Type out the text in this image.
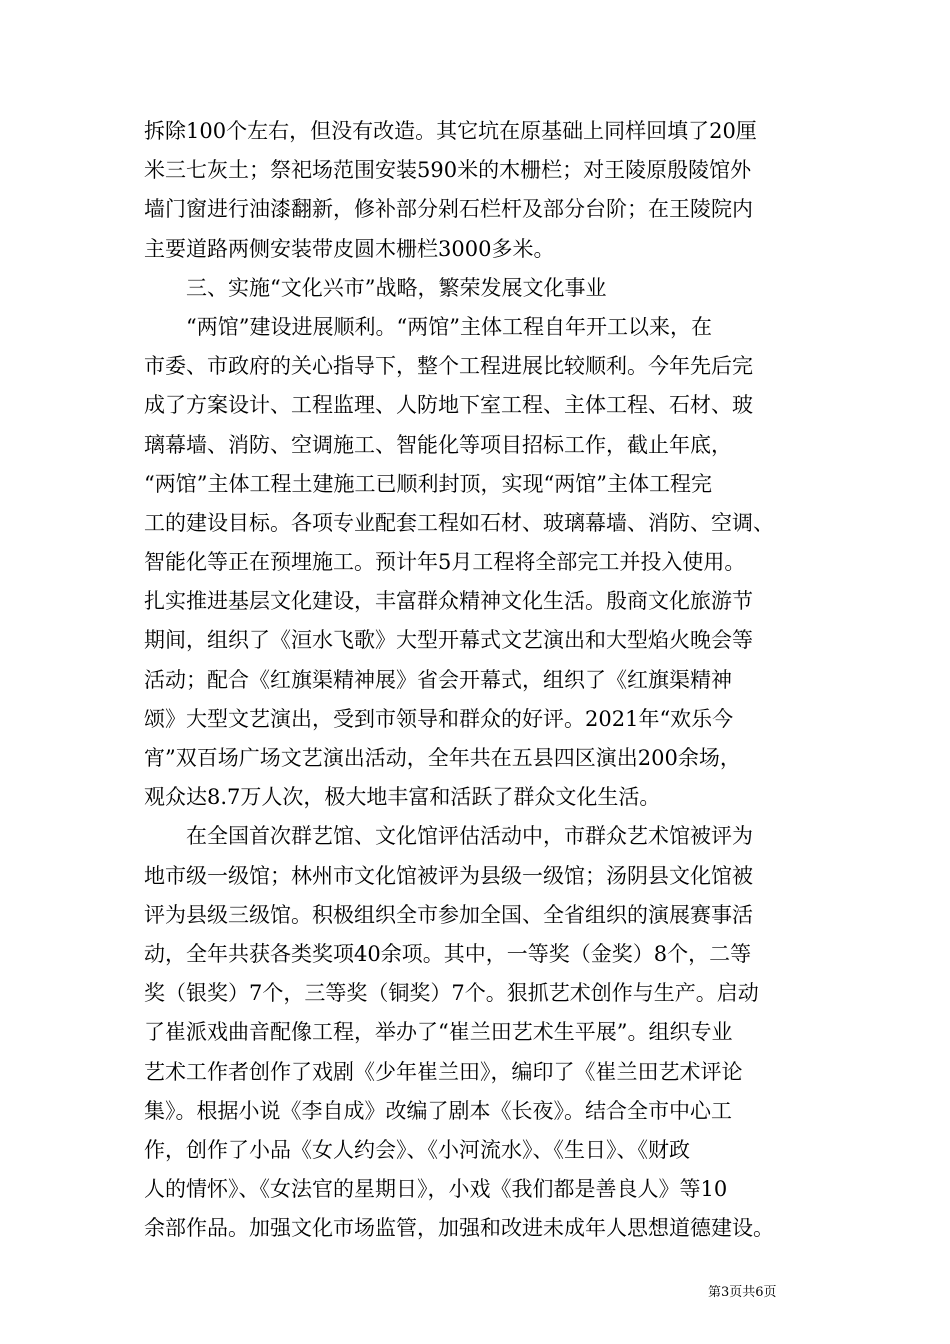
拆除100个左右，但没有改造。其它坑在原基础上同样回填了20厘
米三七灰土；祭祀场范围安装590米的木栅栏；对王陵原殷陵馆外
墙门窗进行油漆翻新，修补部分剁石栏杆及部分台阶；在王陵院内
主要道路两侧安装带皮圆木栅栏3000多米。
　　三、实施“文化兴市”战略，繁荣发展文化事业
　　“两馆”建设进展顺利。“两馆”主体工程自年开工以来，在
市委、市政府的关心指导下，整个工程进展比较顺利。今年先后完
成了方案设计、工程监理、人防地下室工程、主体工程、石材、玻
璃幕墙、消防、空调施工、智能化等项目招标工作，截止年底，
“两馆”主体工程土建施工已顺利封顶，实现“两馆”主体工程完
工的建设目标。各项专业配套工程如石材、玻璃幕墙、消防、空调、
智能化等正在预埋施工。预计年5月工程将全部完工并投入使用。
扎实推进基层文化建设，丰富群众精神文化生活。殷商文化旅游节
期间，组织了《洹水飞歌》大型开幕式文艺演出和大型焰火晚会等
活动；配合《红旗渠精神展》省会开幕式，组织了《红旗渠精神
颂》大型文艺演出，受到市领导和群众的好评。2021年“欢乐今
宵”双百场广场文艺演出活动，全年共在五县四区演出200余场，
观众达8.7万人次，极大地丰富和活跃了群众文化生活。
　　在全国首次群艺馆、文化馆评估活动中，市群众艺术馆被评为
地市级一级馆；林州市文化馆被评为县级一级馆；汤阴县文化馆被
评为县级三级馆。积极组织全市参加全国、全省组织的演展赛事活
动，全年共获各类奖项40余项。其中，一等奖（金奖）8个，二等
奖（银奖）7个，三等奖（铜奖）7个。狠抓艺术创作与生产。启动
了崔派戏曲音配像工程，举办了“崔兰田艺术生平展”。组织专业
艺术工作者创作了戏剧《少年崔兰田》，编印了《崔兰田艺术评论
集》。根据小说《李自成》改编了剧本《长夜》。结合全市中心工
作，创作了小品《女人约会》、《小河流水》、《生日》、《财政
人的情怀》、《女法官的星期日》，小戏《我们都是善良人》等10
余部作品。加强文化市场监管，加强和改进未成年人思想道德建设。
第3页共6页
